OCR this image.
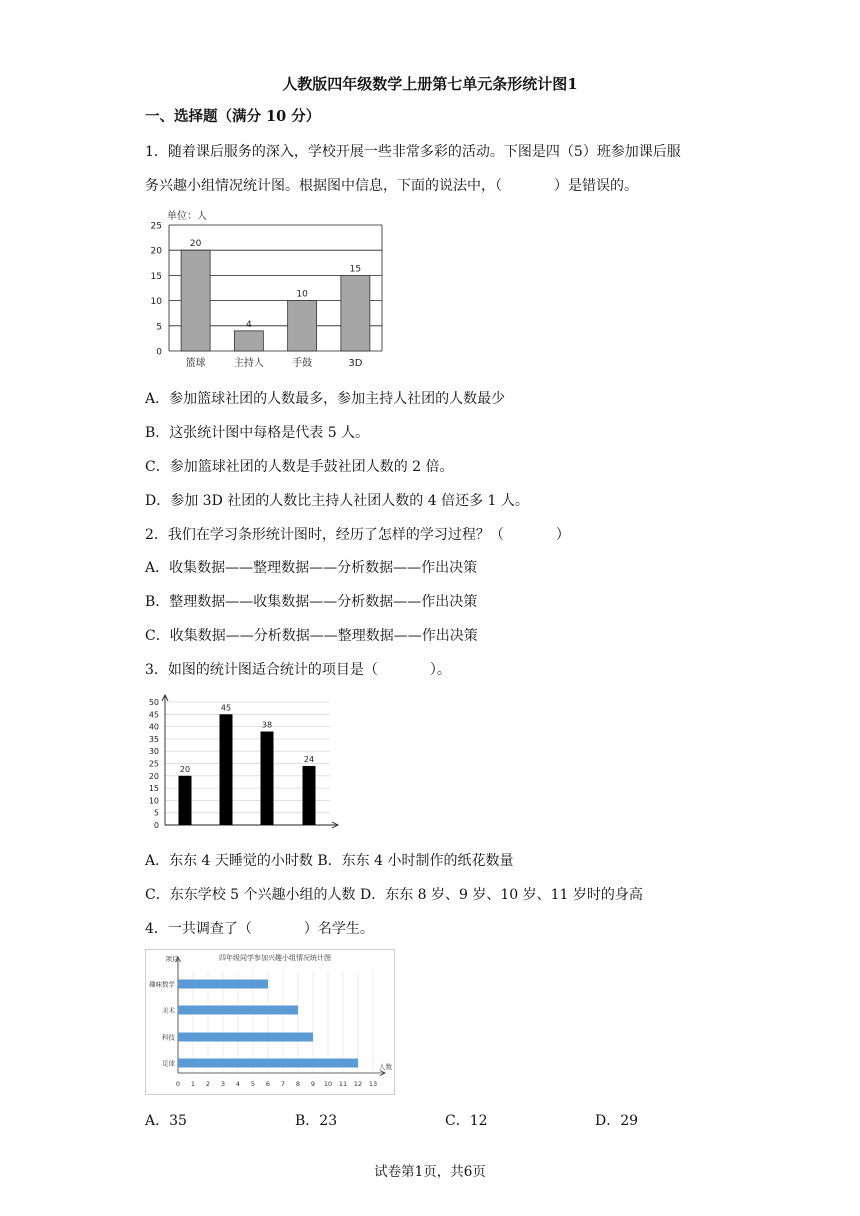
人教版四年级数学上册第七单元条形统计图1
一、选择题（满分 10 分）
1．随着课后服务的深入，学校开展一些非常多彩的活动。下图是四（5）班参加课后服
务兴趣小组情况统计图。根据图中信息，下面的说法中，（	）是错误的。
单位：人
0
5
10
15
20
25
20
篮球
4
主持人
10
手鼓
15
3D
A．参加篮球社团的人数最多，参加主持人社团的人数最少
B．这张统计图中每格是代表 5 人。
C．参加篮球社团的人数是手鼓社团人数的 2 倍。
D．参加 3D 社团的人数比主持人社团人数的 4 倍还多 1 人。
2．我们在学习条形统计图时，经历了怎样的学习过程？（	）
A．收集数据——整理数据——分析数据——作出决策
B．整理数据——收集数据——分析数据——作出决策
C．收集数据——分析数据——整理数据——作出决策
3．如图的统计图适合统计的项目是（	）。
0
5
10
15
20
25
30
35
40
45
50
20
45
38
24
A．东东 4 天睡觉的小时数 B．东东 4 小时制作的纸花数量
C．东东学校 5 个兴趣小组的人数 D．东东 8 岁、9 岁、10 岁、11 岁时的身高
4．一共调查了（	）名学生。
四年级同学参加兴趣小组情况统计图
项目
0 1 2 3 4 5 6 7 8 9 10 11 12 13
人数
趣味数学
美术
科技
足球
A．35	B．23	C．12	D．29
试卷第1页，共6页
